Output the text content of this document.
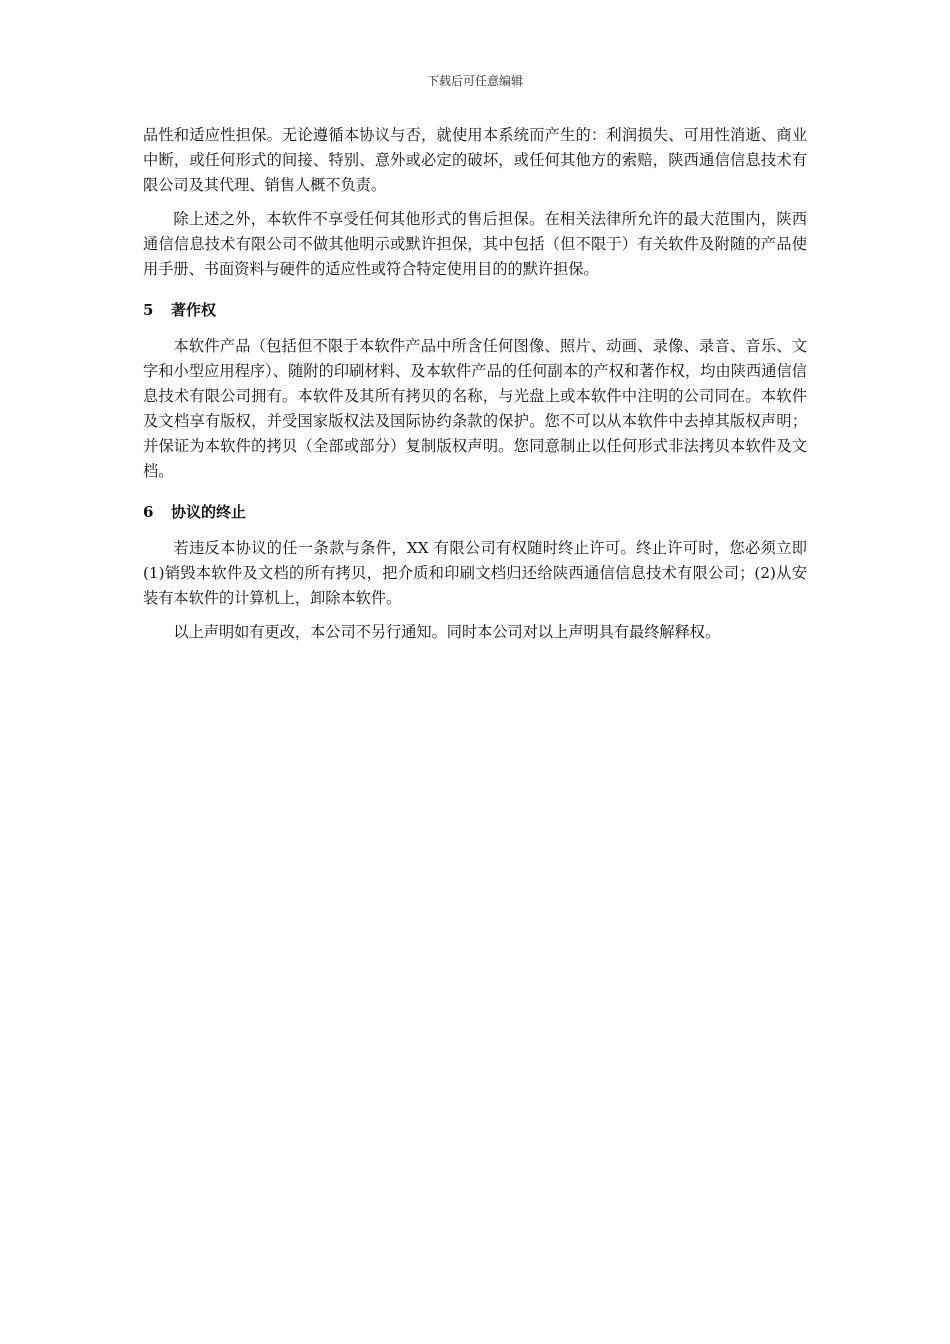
下载后可任意编辑

品性和适应性担保。无论遵循本协议与否，就使用本系统而产生的：利润损失、可用性消逝、商业中断，或任何形式的间接、特别、意外或必定的破坏，或任何其他方的索赔，陕西通信信息技术有限公司及其代理、销售人概不负责。

除上述之外，本软件不享受任何其他形式的售后担保。在相关法律所允许的最大范围内，陕西通信信息技术有限公司不做其他明示或默许担保，其中包括（但不限于）有关软件及附随的产品使用手册、书面资料与硬件的适应性或符合特定使用目的的默许担保。

5 著作权

本软件产品（包括但不限于本软件产品中所含任何图像、照片、动画、录像、录音、音乐、文字和小型应用程序）、随附的印刷材料、及本软件产品的任何副本的产权和著作权，均由陕西通信信息技术有限公司拥有。本软件及其所有拷贝的名称，与光盘上或本软件中注明的公司同在。本软件及文档享有版权，并受国家版权法及国际协约条款的保护。您不可以从本软件中去掉其版权声明；并保证为本软件的拷贝（全部或部分）复制版权声明。您同意制止以任何形式非法拷贝本软件及文档。

6 协议的终止

若违反本协议的任一条款与条件，XX 有限公司有权随时终止许可。终止许可时，您必须立即(1)销毁本软件及文档的所有拷贝，把介质和印刷文档归还给陕西通信信息技术有限公司；(2)从安装有本软件的计算机上，卸除本软件。

以上声明如有更改，本公司不另行通知。同时本公司对以上声明具有最终解释权。
